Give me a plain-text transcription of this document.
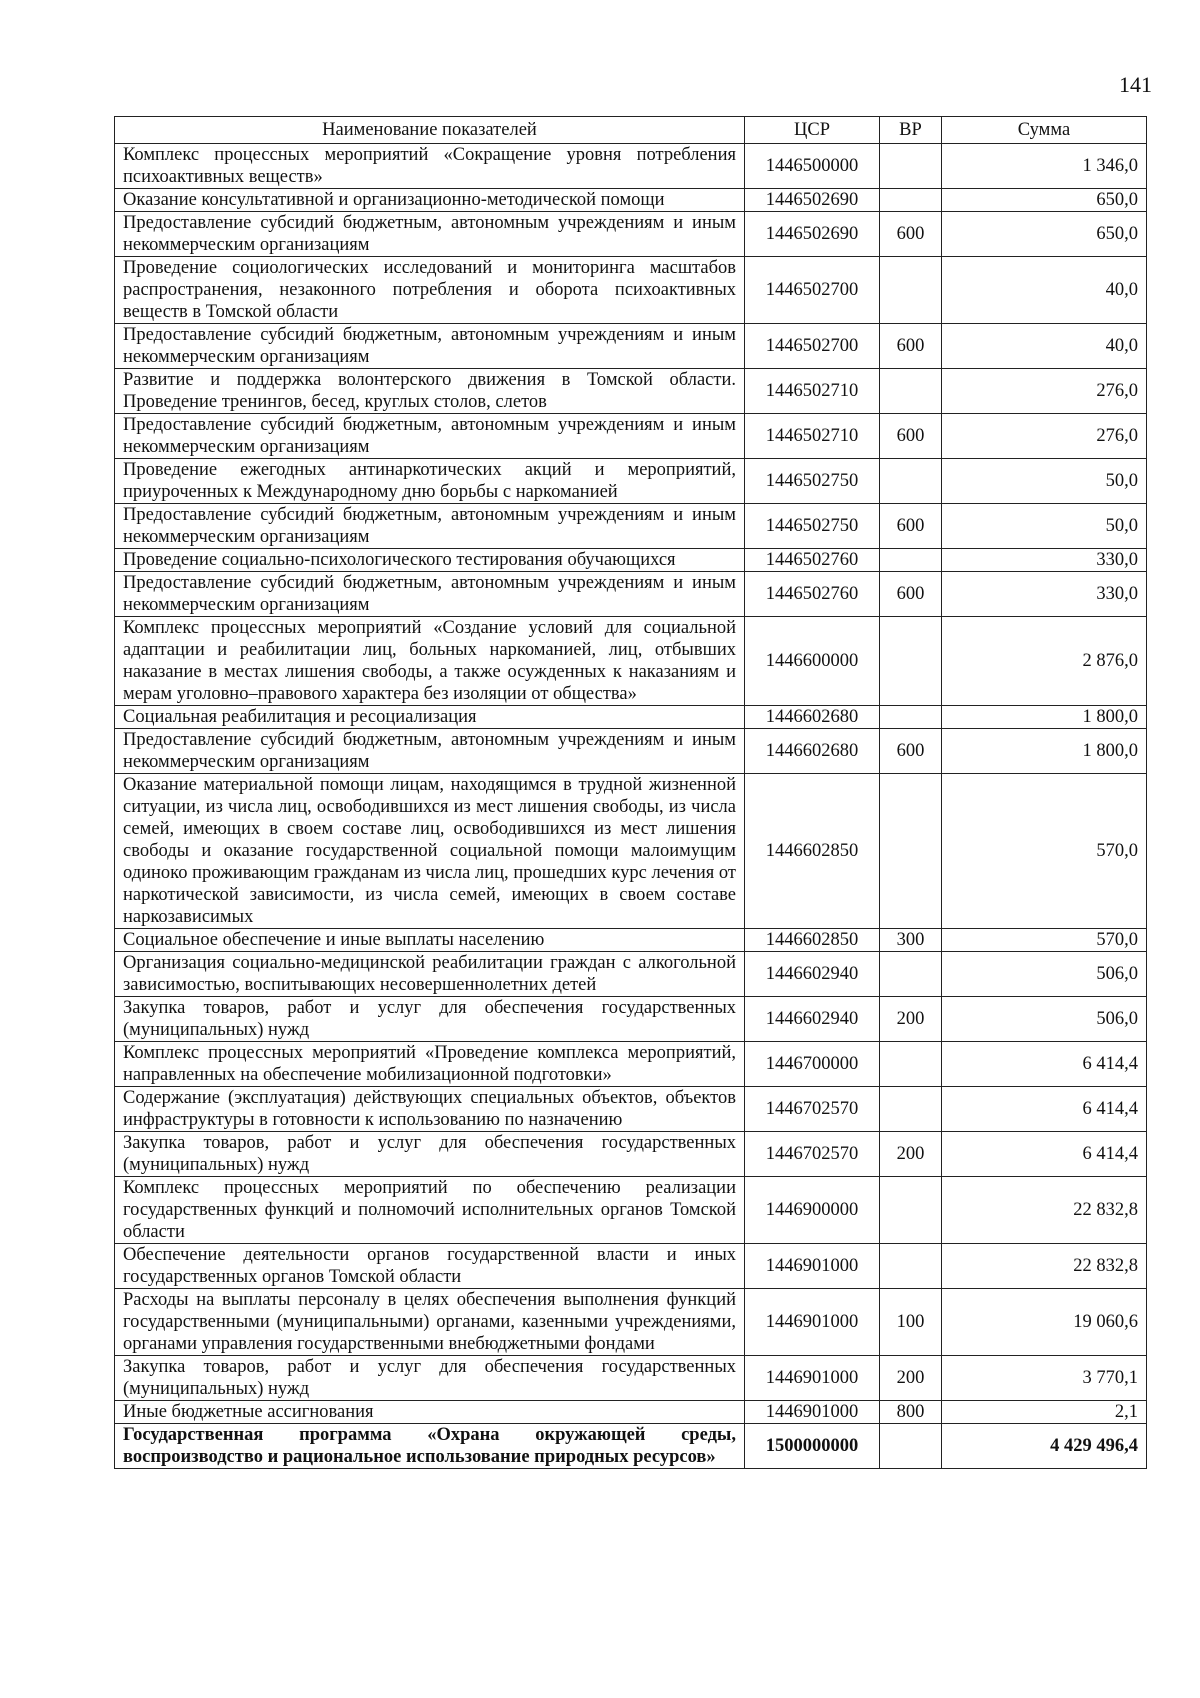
141
Наименование показателей	ЦСР	ВР	Сумма
Комплекс процессных мероприятий «Сокращение уровня потребления психоактивных веществ»	1446500000		1 346,0
Оказание консультативной и организационно-методической помощи	1446502690		650,0
Предоставление субсидий бюджетным, автономным учреждениям и иным некоммерческим организациям	1446502690	600	650,0
Проведение социологических исследований и мониторинга масштабов распространения, незаконного потребления и оборота психоактивных веществ в Томской области	1446502700		40,0
Предоставление субсидий бюджетным, автономным учреждениям и иным некоммерческим организациям	1446502700	600	40,0
Развитие и поддержка волонтерского движения в Томской области. Проведение тренингов, бесед, круглых столов, слетов	1446502710		276,0
Предоставление субсидий бюджетным, автономным учреждениям и иным некоммерческим организациям	1446502710	600	276,0
Проведение ежегодных антинаркотических акций и мероприятий, приуроченных к Международному дню борьбы с наркоманией	1446502750		50,0
Предоставление субсидий бюджетным, автономным учреждениям и иным некоммерческим организациям	1446502750	600	50,0
Проведение социально-психологического тестирования обучающихся	1446502760		330,0
Предоставление субсидий бюджетным, автономным учреждениям и иным некоммерческим организациям	1446502760	600	330,0
Комплекс процессных мероприятий «Создание условий для социальной адаптации и реабилитации лиц, больных наркоманией, лиц, отбывших наказание в местах лишения свободы, а также осужденных к наказаниям и мерам уголовно–правового характера без изоляции от общества»	1446600000		2 876,0
Социальная реабилитация и ресоциализация	1446602680		1 800,0
Предоставление субсидий бюджетным, автономным учреждениям и иным некоммерческим организациям	1446602680	600	1 800,0
Оказание материальной помощи лицам, находящимся в трудной жизненной ситуации, из числа лиц, освободившихся из мест лишения свободы, из числа семей, имеющих в своем составе лиц, освободившихся из мест лишения свободы и оказание государственной социальной помощи малоимущим одиноко проживающим гражданам из числа лиц, прошедших курс лечения от наркотической зависимости, из числа семей, имеющих в своем составе наркозависимых	1446602850		570,0
Социальное обеспечение и иные выплаты населению	1446602850	300	570,0
Организация социально-медицинской реабилитации граждан с алкогольной зависимостью, воспитывающих несовершеннолетних детей	1446602940		506,0
Закупка товаров, работ и услуг для обеспечения государственных (муниципальных) нужд	1446602940	200	506,0
Комплекс процессных мероприятий «Проведение комплекса мероприятий, направленных на обеспечение мобилизационной подготовки»	1446700000		6 414,4
Содержание (эксплуатация) действующих специальных объектов, объектов инфраструктуры в готовности к использованию по назначению	1446702570		6 414,4
Закупка товаров, работ и услуг для обеспечения государственных (муниципальных) нужд	1446702570	200	6 414,4
Комплекс процессных мероприятий по обеспечению реализации государственных функций и полномочий исполнительных органов Томской области	1446900000		22 832,8
Обеспечение деятельности органов государственной власти и иных государственных органов Томской области	1446901000		22 832,8
Расходы на выплаты персоналу в целях обеспечения выполнения функций государственными (муниципальными) органами, казенными учреждениями, органами управления государственными внебюджетными фондами	1446901000	100	19 060,6
Закупка товаров, работ и услуг для обеспечения государственных (муниципальных) нужд	1446901000	200	3 770,1
Иные бюджетные ассигнования	1446901000	800	2,1
Государственная программа «Охрана окружающей среды, воспроизводство и рациональное использование природных ресурсов»	1500000000		4 429 496,4
